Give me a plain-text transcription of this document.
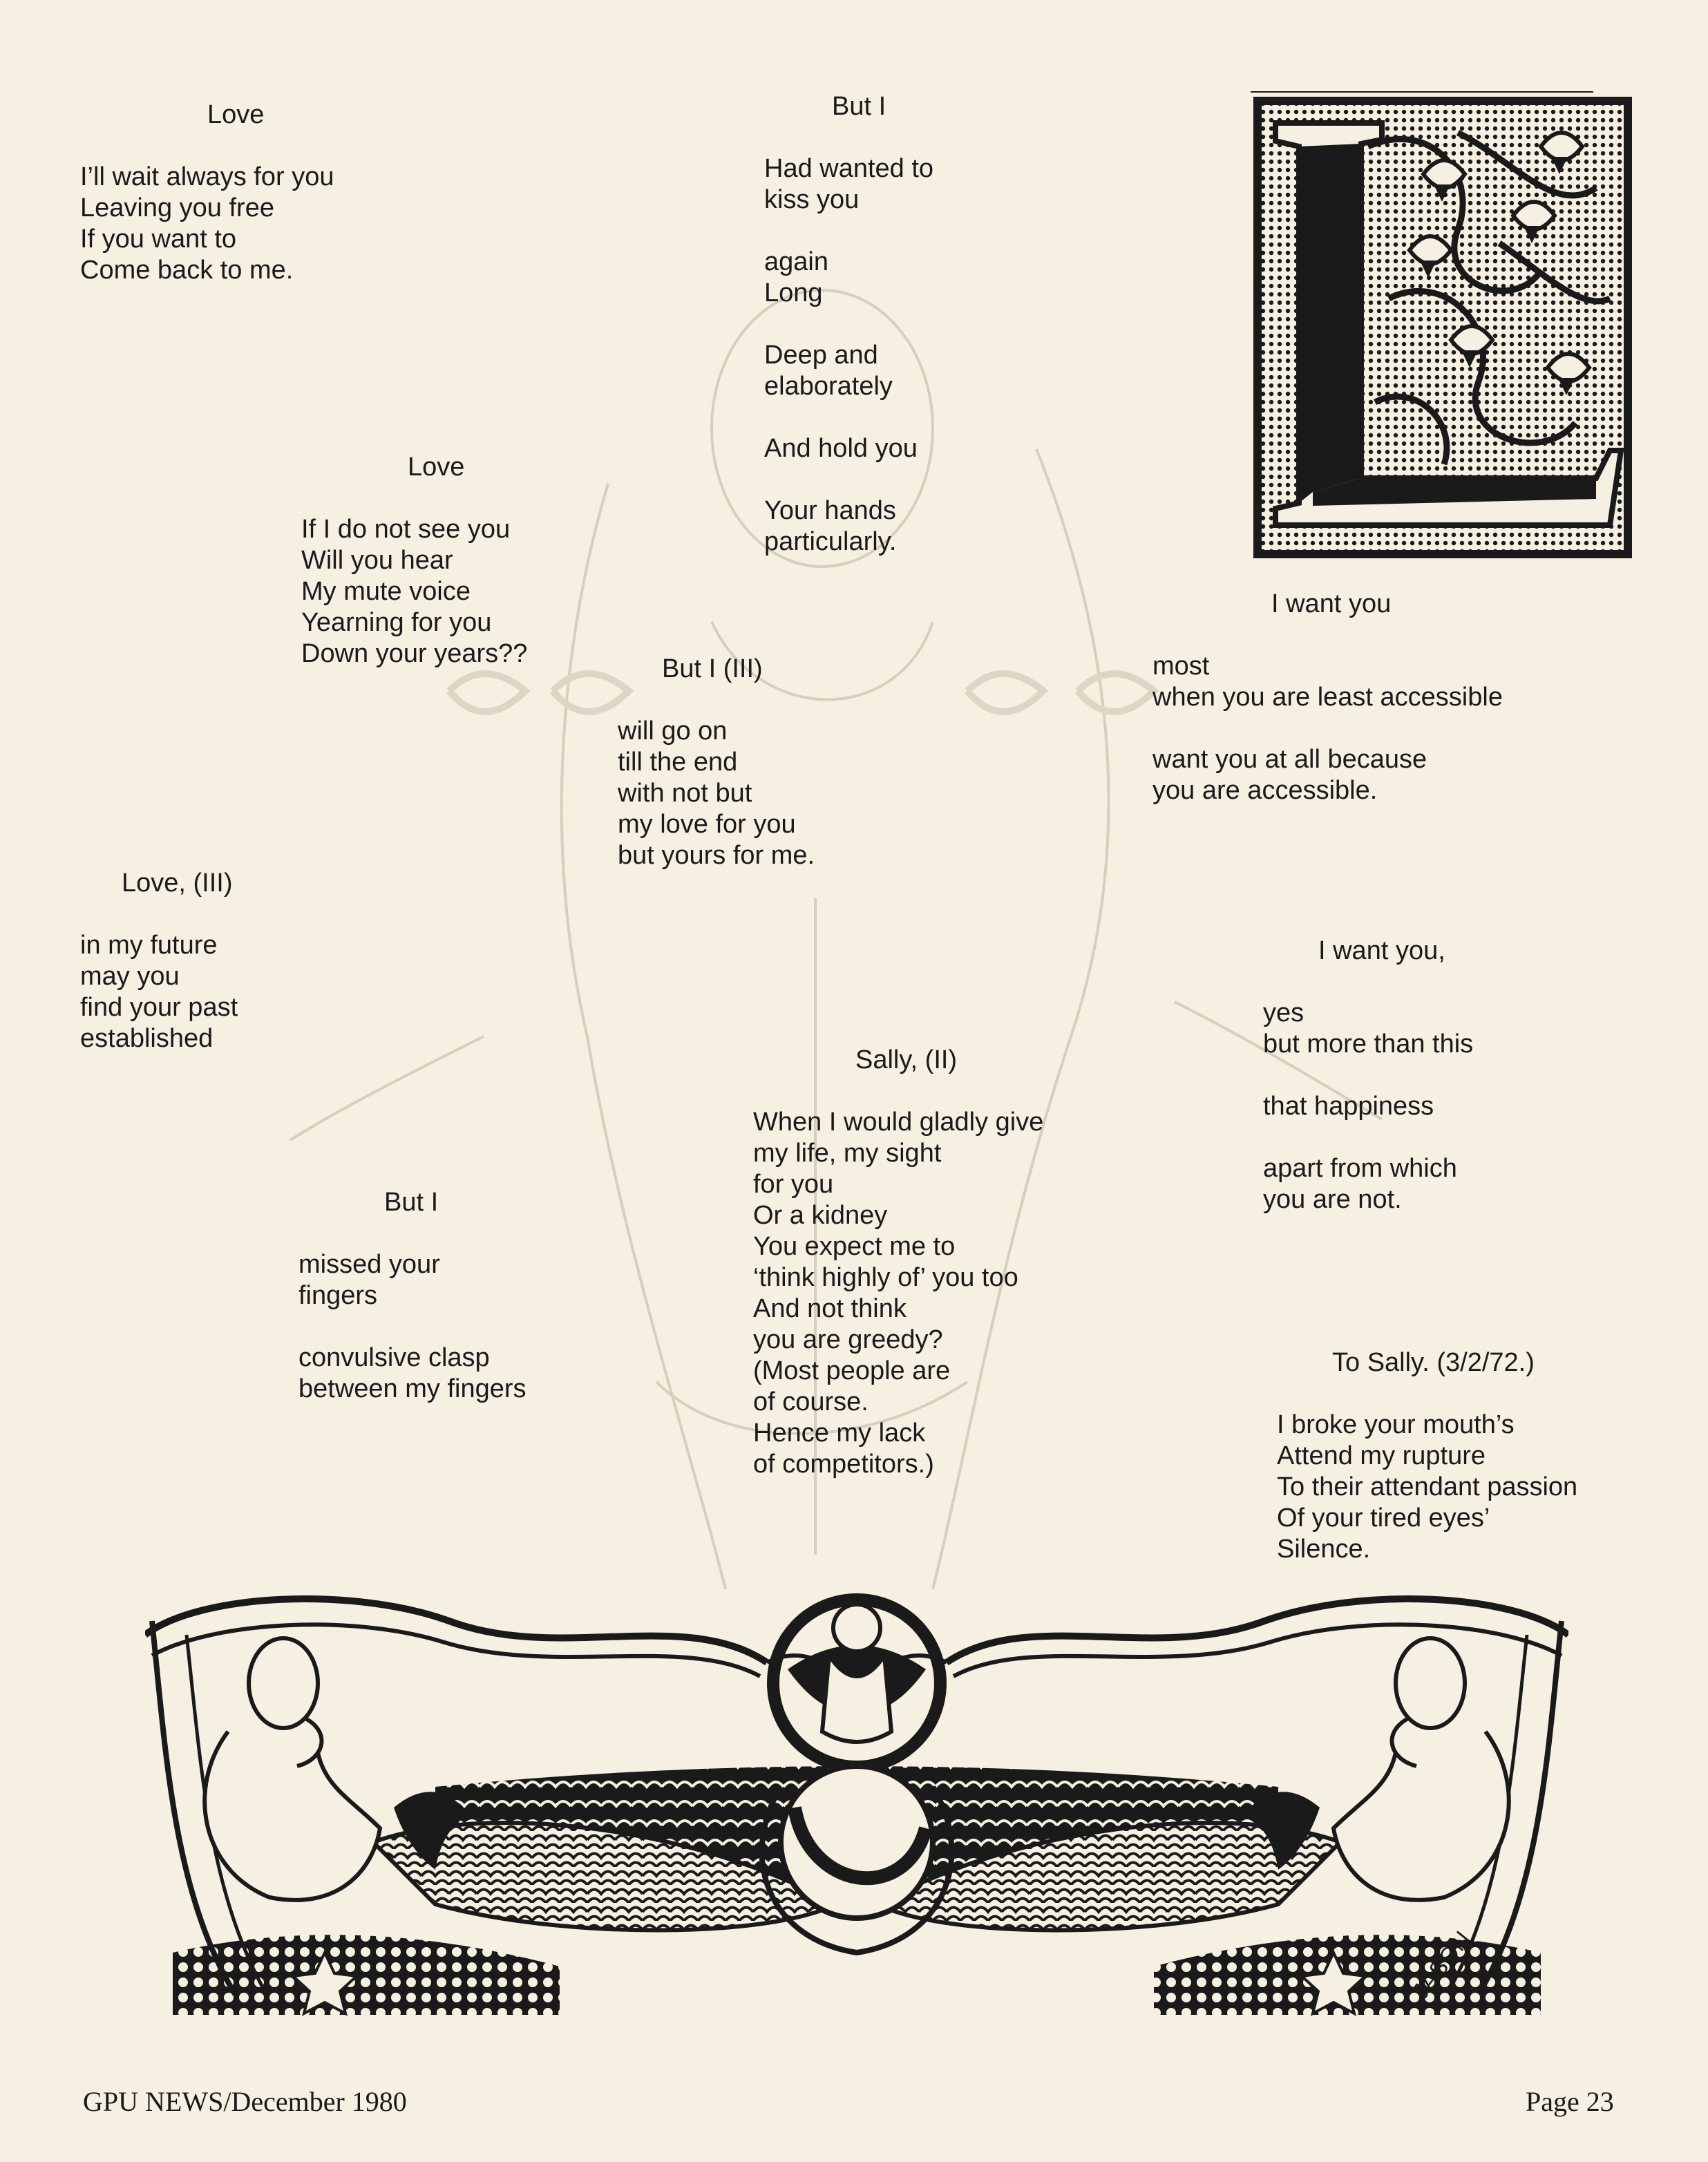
Love
I’ll wait always for you
Leaving you free
If you want to
Come back to me.
Love
If I do not see you
Will you hear
My mute voice
Yearning for you
Down your years??
Love, (III)
in my future
may you
find your past
established
But I
Had wanted to
kiss you
again
Long
Deep and
elaborately
And hold you
Your hands
particularly.
But I (III)
will go on
till the end
with not but
my love for you
but yours for me.
But I
missed your
fingers
convulsive clasp
between my fingers
Sally, (II)
When I would gladly give
my life, my sight
for you
Or a kidney
You expect me to
‘think highly of’ you too
And not think
you are greedy?
(Most people are
of course.
Hence my lack
of competitors.)
I want you
most
when you are least accessible
want you at all because
you are accessible.
I want you,
yes
but more than this
that happiness
apart from which
you are not.
To Sally. (3/2/72.)
I broke your mouth’s
Attend my rupture
To their attendant passion
Of your tired eyes’
Silence.
JASON
GPU NEWS/December 1980	Page 23
